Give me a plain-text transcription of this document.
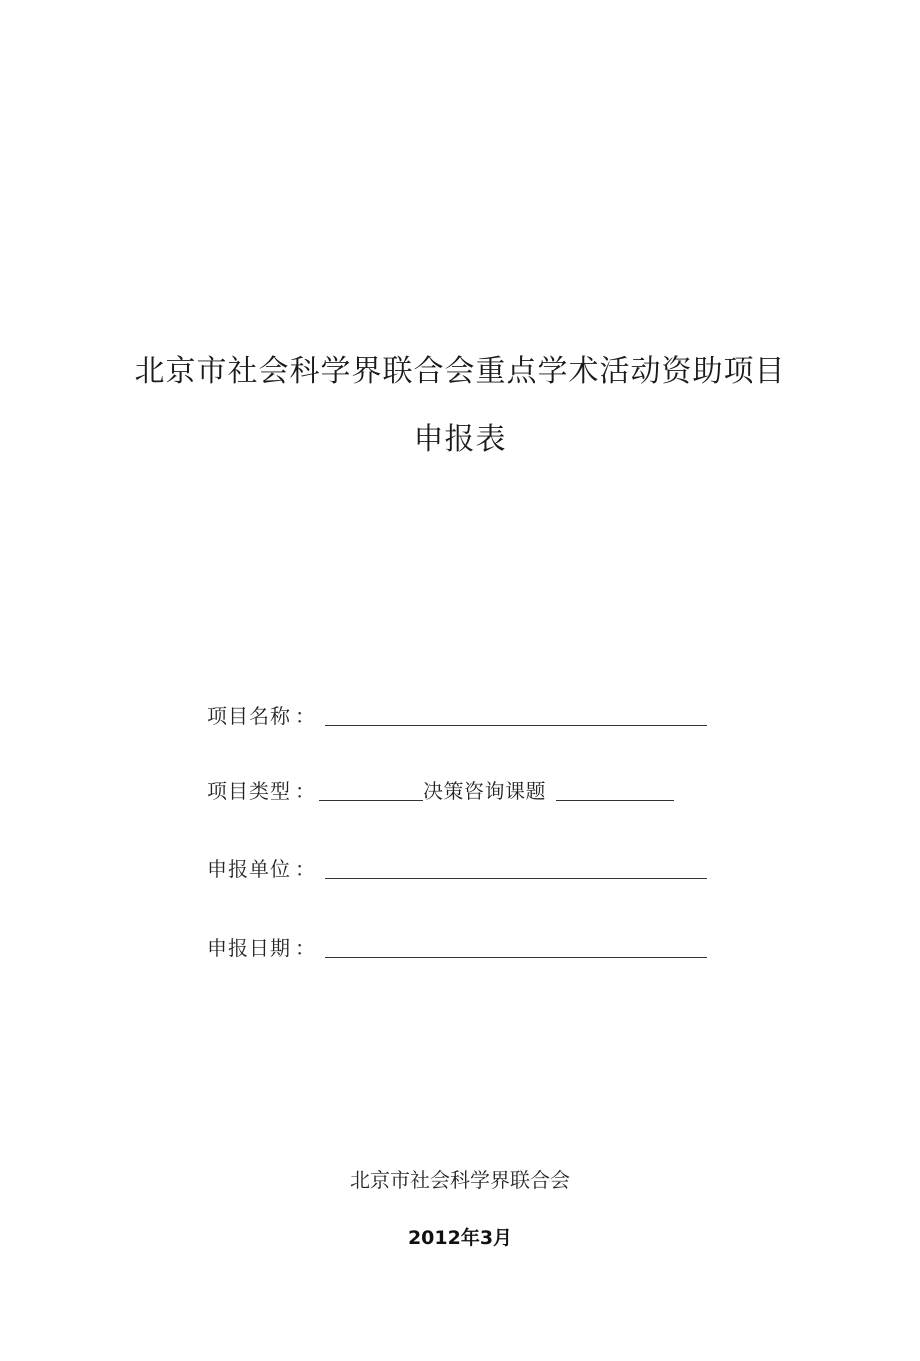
北京市社会科学界联合会重点学术活动资助项目
申报表
项目名称 ：
项目类型 ：	决策咨询课题
申报单位 ：
申报日期 ：
北京市社会科学界联合会
2012年3月
